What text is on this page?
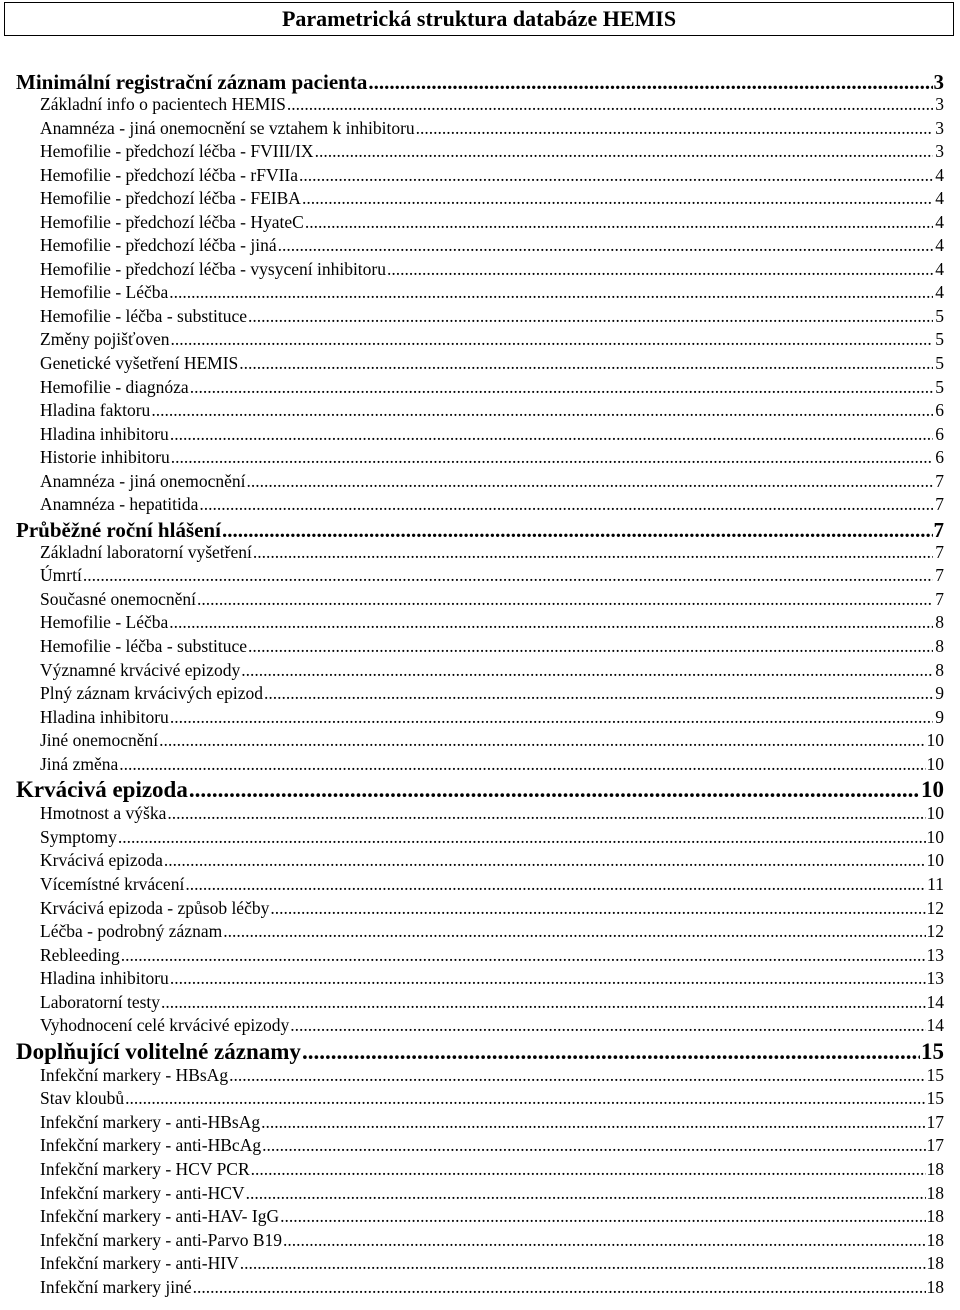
Parametrická struktura databáze HEMIS
Minimální registrační záznam pacienta .....	3
Základní info o pacientech HEMIS .....	3
Anamnéza - jiná onemocnění se vztahem k inhibitoru .....	3
Hemofilie - předchozí léčba - FVIII/IX .....	3
Hemofilie - předchozí léčba - rFVIIa .....	4
Hemofilie - předchozí léčba - FEIBA .....	4
Hemofilie - předchozí léčba - HyateC .....	4
Hemofilie - předchozí léčba - jiná .....	4
Hemofilie - předchozí léčba - vysycení inhibitoru .....	4
Hemofilie - Léčba .....	4
Hemofilie - léčba - substituce .....	5
Změny pojišťoven .....	5
Genetické vyšetření HEMIS .....	5
Hemofilie - diagnóza .....	5
Hladina faktoru .....	6
Hladina inhibitoru .....	6
Historie inhibitoru .....	6
Anamnéza - jiná onemocnění .....	7
Anamnéza - hepatitida .....	7
Průběžné roční hlášení .....	7
Základní laboratorní vyšetření .....	7
Úmrtí .....	7
Současné onemocnění .....	7
Hemofilie - Léčba .....	8
Hemofilie - léčba - substituce .....	8
Významné krvácivé epizody .....	8
Plný záznam krvácivých epizod .....	9
Hladina inhibitoru .....	9
Jiné onemocnění .....	10
Jiná změna .....	10
Krvácivá epizoda .....	10
Hmotnost a výška .....	10
Symptomy .....	10
Krvácivá epizoda .....	10
Vícemístné krvácení .....	11
Krvácivá epizoda - způsob léčby .....	12
Léčba - podrobný záznam .....	12
Rebleeding .....	13
Hladina inhibitoru .....	13
Laboratorní testy .....	14
Vyhodnocení celé krvácivé epizody .....	14
Doplňující volitelné záznamy .....	15
Infekční markery - HBsAg .....	15
Stav kloubů .....	15
Infekční markery - anti-HBsAg .....	17
Infekční markery - anti-HBcAg .....	17
Infekční markery - HCV PCR .....	18
Infekční markery - anti-HCV .....	18
Infekční markery - anti-HAV- IgG .....	18
Infekční markery - anti-Parvo B19 .....	18
Infekční markery - anti-HIV .....	18
Infekční markery jiné .....	18
